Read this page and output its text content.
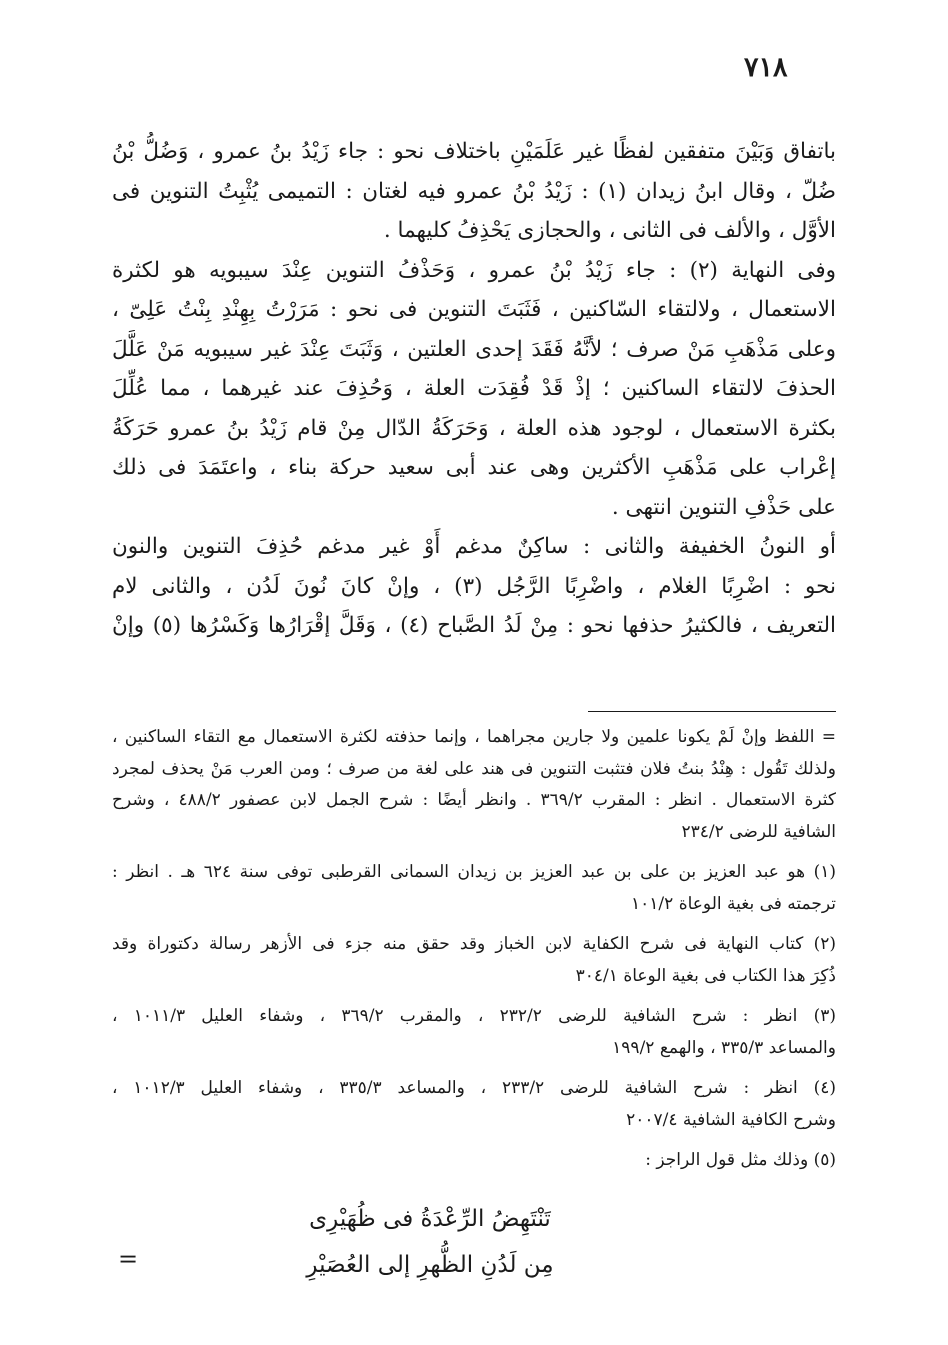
٧١٨
باتفاق وَبَيْنَ متفقين لفظًا غير عَلَمَيْنِ باختلاف نحو : جاء زَيْدُ بنُ عمرو ، وَضُلُّ بْنُ
ضُلّ ، وقال ابنُ زيدان (١) : زَيْدُ بْنُ عمرو فيه لغتان : التميمى يُثْبِتُ التنوين فى
الأوَّل ، والألف فى الثانى ، والحجازى يَحْذِفُ كليهما .
وفى النهاية (٢) : جاء زَيْدُ بْنُ عمرو ، وَحَذْفُ التنوين عِنْدَ سيبويه هو لكثرة
الاستعمال ، ولالتقاء السّاكنين ، فَثَبَتَ التنوين فى نحو : مَرَرْتُ بِهِنْدِ بِنْتُ عَلِىّ ،
وعلى مَذْهَبِ مَنْ صرف ؛ لأنَّهُ فَقَدَ إحدى العلتين ، وَثَبَتَ عِنْدَ غير سيبويه مَنْ عَلَّلَ
الحذفَ لالتقاء الساكنين ؛ إذْ قَدْ فُقِدَت العلة ، وَحُذِفَ عند غيرهما ، مما عُلِّلَ
بكثرة الاستعمال ، لوجود هذه العلة ، وَحَرَكَةُ الدّال مِنْ قام زَيْدُ بنُ عمرو حَرَكَةُ
إعْراب على مَذْهَبِ الأكثرين وهى عند أبى سعيد حركة بناء ، واعتَمَدَ فى ذلك
على حَذْفِ التنوين انتهى .
أو النونُ الخفيفة والثانى : ساكِنٌ مدغم أَوْ غير مدغم حُذِفَ التنوين والنون
نحو : اضْرِبًا الغلام ، واضْرِبًا الرَّجُل (٣) ، وإنْ كانَ نُونَ لَدُن ، والثانى لام
التعريف ، فالكثيرُ حذفها نحو : مِنْ لَدُ الصَّباح (٤) ، وَقَلَّ إقْرَارُها وَكَسْرُها (٥) وإنْ
= اللفظ وإنْ لَمْ يكونا علمين ولا جارين مجراهما ، وإنما حذفته لكثرة الاستعمال مع التقاء الساكنين ،
ولذلك تَقُول : هِنْدُ بنتُ فلان فتثبت التنوين فى هند على لغة من صرف ؛ ومن العرب مَنْ يحذف لمجرد
كثرة الاستعمال . انظر : المقرب ٣٦٩/٢ . وانظر أيضًا : شرح الجمل لابن عصفور ٤٨٨/٢ ، وشرح
الشافية للرضى ٢٣٤/٢
(١) هو عبد العزيز بن على بن عبد العزيز بن زيدان السمانى القرطبى توفى سنة ٦٢٤ هـ . انظر :
ترجمته فى بغية الوعاة ١٠١/٢
(٢) كتاب النهاية فى شرح الكفاية لابن الخباز وقد حقق منه جزء فى الأزهر رسالة دكتوراة وقد
ذُكِرَ هذا الكتاب فى بغية الوعاة ٣٠٤/١
(٣) انظر : شرح الشافية للرضى ٢٣٢/٢ ، والمقرب ٣٦٩/٢ ، وشفاء العليل ١٠١١/٣ ،
والمساعد ٣٣٥/٣ ، والهمع ١٩٩/٢
(٤) انظر : شرح الشافية للرضى ٢٣٣/٢ ، والمساعد ٣٣٥/٣ ، وشفاء العليل ١٠١٢/٣ ،
وشرح الكافية الشافية ٢٠٠٧/٤
(٥) وذلك مثل قول الراجز :
تَنْتَهِضُ الرِّعْدَةُ فى ظُهَيْرِى
مِن لَدُنِ الظُّهرِ إلى العُصَيْرِ
=
